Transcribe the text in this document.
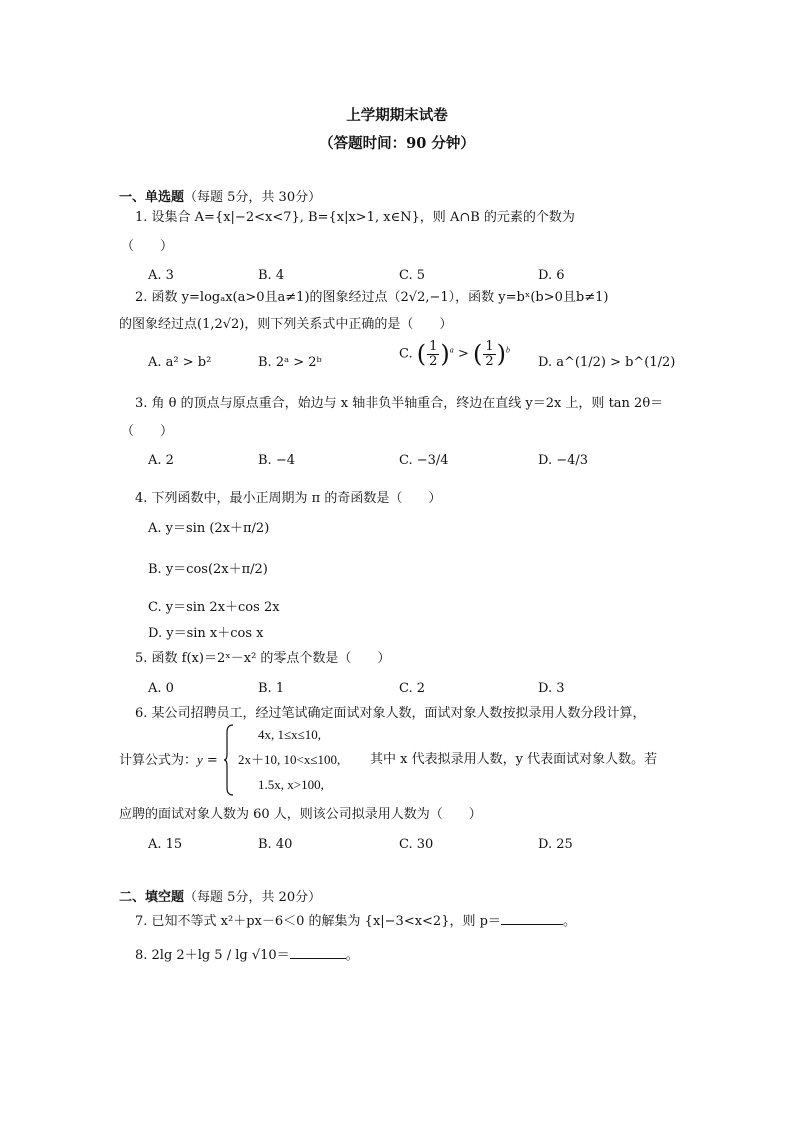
上学期期末试卷
（答题时间：90 分钟）
一、单选题（每题 5分，共 30分）
1. 设集合 A={x|−2<x<7}, B={x|x>1, x∈N}，则 A∩B 的元素的个数为
（　　）
A. 3	B. 4	C. 5	D. 6
2. 函数 y=logₐx(a>0且a≠1)的图象经过点（2√2,−1），函数 y=bˣ(b>0且b≠1)
的图象经过点(1,2√2)，则下列关系式中正确的是（　　）
A. a² > b²	B. 2ᵃ > 2ᵇ
C. ( $\frac{1}{2} )^a$ > ( $\frac{1}{2} )^b$
D. a^(1/2) > b^(1/2)
3. 角 θ 的顶点与原点重合，始边与 x 轴非负半轴重合，终边在直线 y＝2x 上，则 tan 2θ＝
（　　）
A. 2	B. −4	C. −3/4	D. −4/3
4. 下列函数中，最小正周期为 π 的奇函数是（　　）
A. y＝sin (2x＋π/2)
B. y＝cos(2x＋π/2)
C. y＝sin 2x＋cos 2x
D. y＝sin x＋cos x
5. 函数 f(x)＝2ˣ－x² 的零点个数是（　　）
A. 0	B. 1	C. 2	D. 3
6. 某公司招聘员工，经过笔试确定面试对象人数，面试对象人数按拟录用人数分段计算，
计算公式为：y =
4x, 1≤x≤10,
2x＋10, 10<x≤100, 其中 x 代表拟录用人数，y 代表面试对象人数。若
1.5x, x>100,
应聘的面试对象人数为 60 人，则该公司拟录用人数为（　　）
A. 15	B. 40	C. 30	D. 25
二、填空题（每题 5分，共 20分）
7. 已知不等式 x²＋px－6＜0 的解集为 {x|−3<x<2}，则 p＝	。
8. 2lg 2＋lg 5 / lg √10＝	。
